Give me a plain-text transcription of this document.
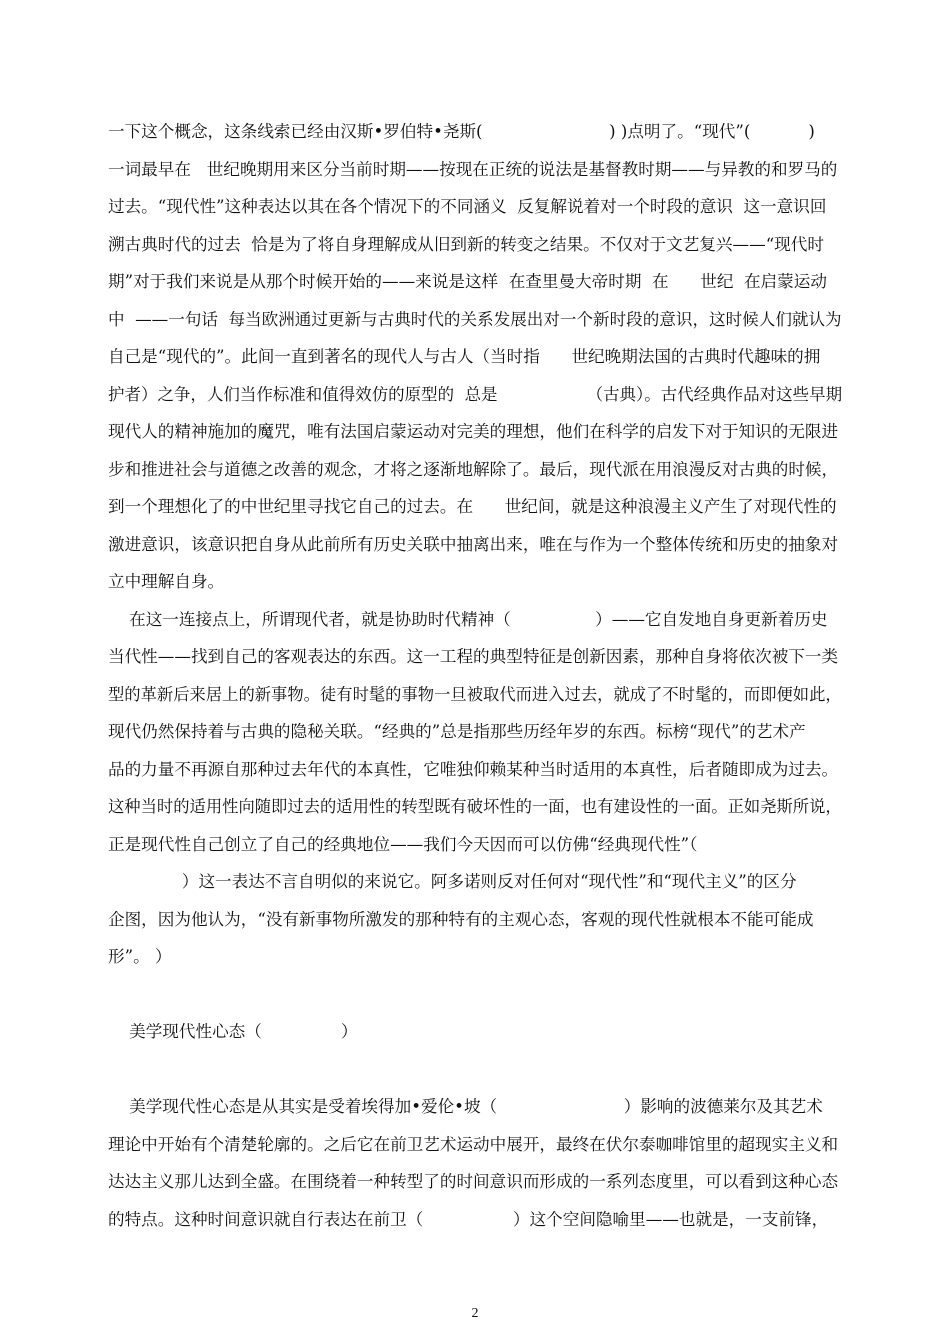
一下这个概念，这条线索已经由汉斯•罗伯特•尧斯(                        ) )点明了。“现代”(           )
一词最早在   世纪晚期用来区分当前时期——按现在正统的说法是基督教时期——与异教的和罗马的
过去。“现代性”这种表达以其在各个情况下的不同涵义  反复解说着对一个时段的意识  这一意识回
溯古典时代的过去  恰是为了将自身理解成从旧到新的转变之结果。不仅对于文艺复兴——“现代时
期”对于我们来说是从那个时候开始的——来说是这样  在查里曼大帝时期  在      世纪  在启蒙运动
中  ——一句话  每当欧洲通过更新与古典时代的关系发展出对一个新时段的意识，这时候人们就认为
自己是“现代的”。此间一直到著名的现代人与古人（当时指      世纪晚期法国的古典时代趣味的拥
护者）之争，人们当作标准和值得效仿的原型的  总是                 （古典）。古代经典作品对这些早期
现代人的精神施加的魔咒，唯有法国启蒙运动对完美的理想，他们在科学的启发下对于知识的无限进
步和推进社会与道德之改善的观念，才将之逐渐地解除了。最后，现代派在用浪漫反对古典的时候，
到一个理想化了的中世纪里寻找它自己的过去。在      世纪间，就是这种浪漫主义产生了对现代性的
激进意识，该意识把自身从此前所有历史关联中抽离出来，唯在与作为一个整体传统和历史的抽象对
立中理解自身。
在这一连接点上，所谓现代者，就是协助时代精神（                ）——它自发地自身更新着历史
当代性——找到自己的客观表达的东西。这一工程的典型特征是创新因素，那种自身将依次被下一类
型的革新后来居上的新事物。徒有时髦的事物一旦被取代而进入过去，就成了不时髦的，而即便如此，
现代仍然保持着与古典的隐秘关联。“经典的”总是指那些历经年岁的东西。标榜“现代”的艺术产
品的力量不再源自那种过去年代的本真性，它唯独仰赖某种当时适用的本真性，后者随即成为过去。
这种当时的适用性向随即过去的适用性的转型既有破坏性的一面，也有建设性的一面。正如尧斯所说，
正是现代性自己创立了自己的经典地位——我们今天因而可以仿佛“经典现代性”（
）这一表达不言自明似的来说它。阿多诺则反对任何对“现代性”和“现代主义”的区分
企图，因为他认为，“没有新事物所激发的那种特有的主观心态，客观的现代性就根本不能可能成
形”。 ）
美学现代性心态（               ）
美学现代性心态是从其实是受着埃得加•爱伦•坡（                        ）影响的波德莱尔及其艺术
理论中开始有个清楚轮廓的。之后它在前卫艺术运动中展开，最终在伏尔泰咖啡馆里的超现实主义和
达达主义那儿达到全盛。在围绕着一种转型了的时间意识而形成的一系列态度里，可以看到这种心态
的特点。这种时间意识就自行表达在前卫（                 ）这个空间隐喻里——也就是，一支前锋，
2
